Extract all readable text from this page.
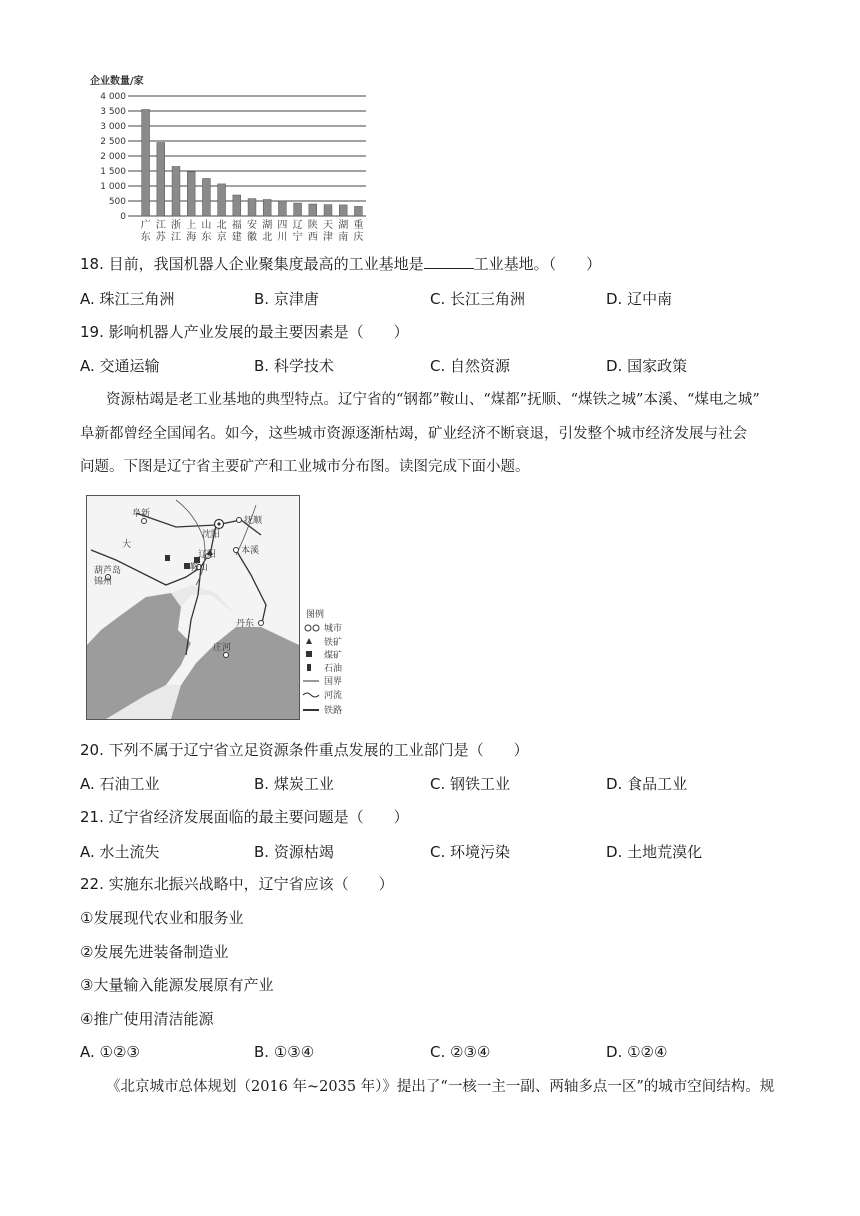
企业数量/家
0
500
1 000
1 500
2 000
2 500
3 000
3 500
4 000
广
东
江
苏
浙
江
上
海
山
东
北
京
福
建
安
徽
湖
北
四
川
辽
宁
陕
西
天
津
湖
南
重
庆
18. 目前，我国机器人企业聚集度最高的工业基地是	工业基地。（　　）
A. 珠江三角洲	B. 京津唐	C. 长江三角洲	D. 辽中南
19. 影响机器人产业发展的最主要因素是（　　）
A. 交通运输	B. 科学技术	C. 自然资源	D. 国家政策
资源枯竭是老工业基地的典型特点。辽宁省的“钢都”鞍山、“煤都”抚顺、“煤铁之城”本溪、“煤电之城”
阜新都曾经全国闻名。如今，这些城市资源逐渐枯竭，矿业经济不断衰退，引发整个城市经济发展与社会
问题。下图是辽宁省主要矿产和工业城市分布图。读图完成下面小题。
阜新
沈阳
抚顺
本溪
辽阳
鞍山
锦州
葫芦岛
丹东
庄河
大
图例
城市
铁矿
煤矿
石油
国界
河流
铁路
20. 下列不属于辽宁省立足资源条件重点发展的工业部门是（　　）
A. 石油工业	B. 煤炭工业	C. 钢铁工业	D. 食品工业
21. 辽宁省经济发展面临的最主要问题是（　　）
A. 水土流失	B. 资源枯竭	C. 环境污染	D. 土地荒漠化
22. 实施东北振兴战略中，辽宁省应该（　　）
①发展现代农业和服务业
②发展先进装备制造业
③大量输入能源发展原有产业
④推广使用清洁能源
A. ①②③	B. ①③④	C. ②③④	D. ①②④
《北京城市总体规划（2016 年~2035 年）》提出了“一核一主一副、两轴多点一区”的城市空间结构。规
